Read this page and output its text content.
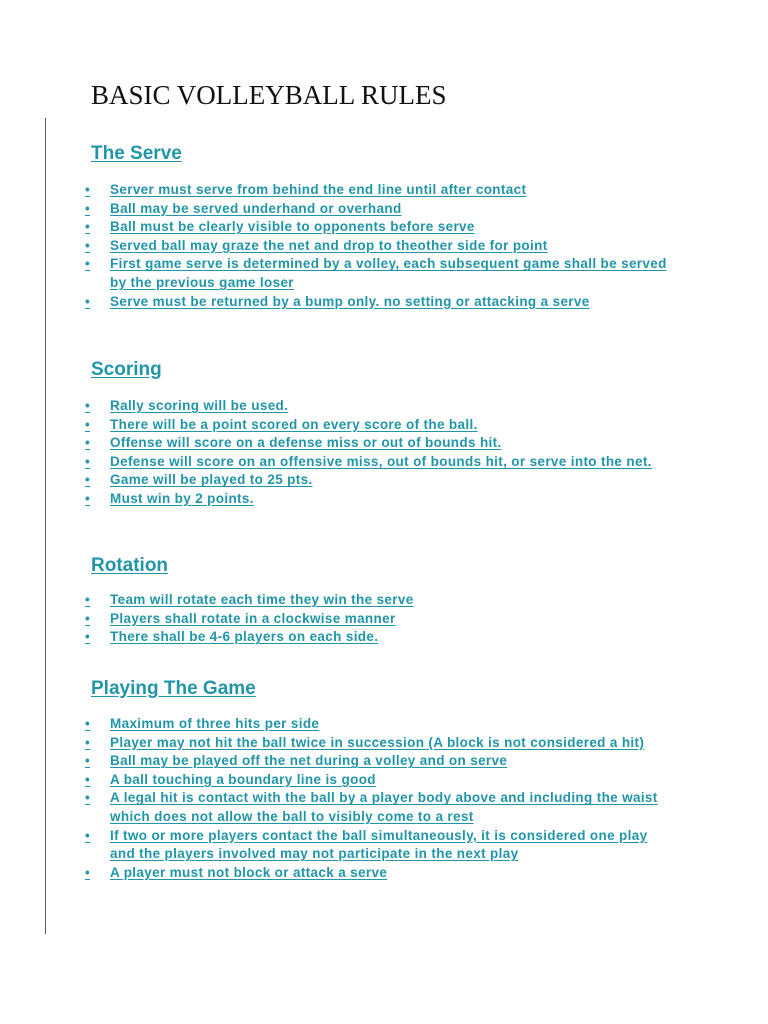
BASIC VOLLEYBALL RULES
The Serve
•	Server must serve from behind the end line until after contact
•	Ball may be served underhand or overhand
•	Ball must be clearly visible to opponents before serve
•	Served ball may graze the net and drop to theother side for point
•	First game serve is determined by a volley, each subsequent game shall be served by the previous game loser
•	Serve must be returned by a bump only. no setting or attacking a serve
Scoring
•	Rally scoring will be used.
•	There will be a point scored on every score of the ball.
•	Offense will score on a defense miss or out of bounds hit.
•	Defense will score on an offensive miss, out of bounds hit, or serve into the net.
•	Game will be played to 25 pts.
•	Must win by 2 points.
Rotation
•	Team will rotate each time they win the serve
•	Players shall rotate in a clockwise manner
•	There shall be 4-6 players on each side.
Playing The Game
•	Maximum of three hits per side
•	Player may not hit the ball twice in succession (A block is not considered a hit)
•	Ball may be played off the net during a volley and on serve
•	A ball touching a boundary line is good
•	A legal hit is contact with the ball by a player body above and including the waist which does not allow the ball to visibly come to a rest
•	If two or more players contact the ball simultaneously, it is considered one play and the players involved may not participate in the next play
•	A player must not block or attack a serve
